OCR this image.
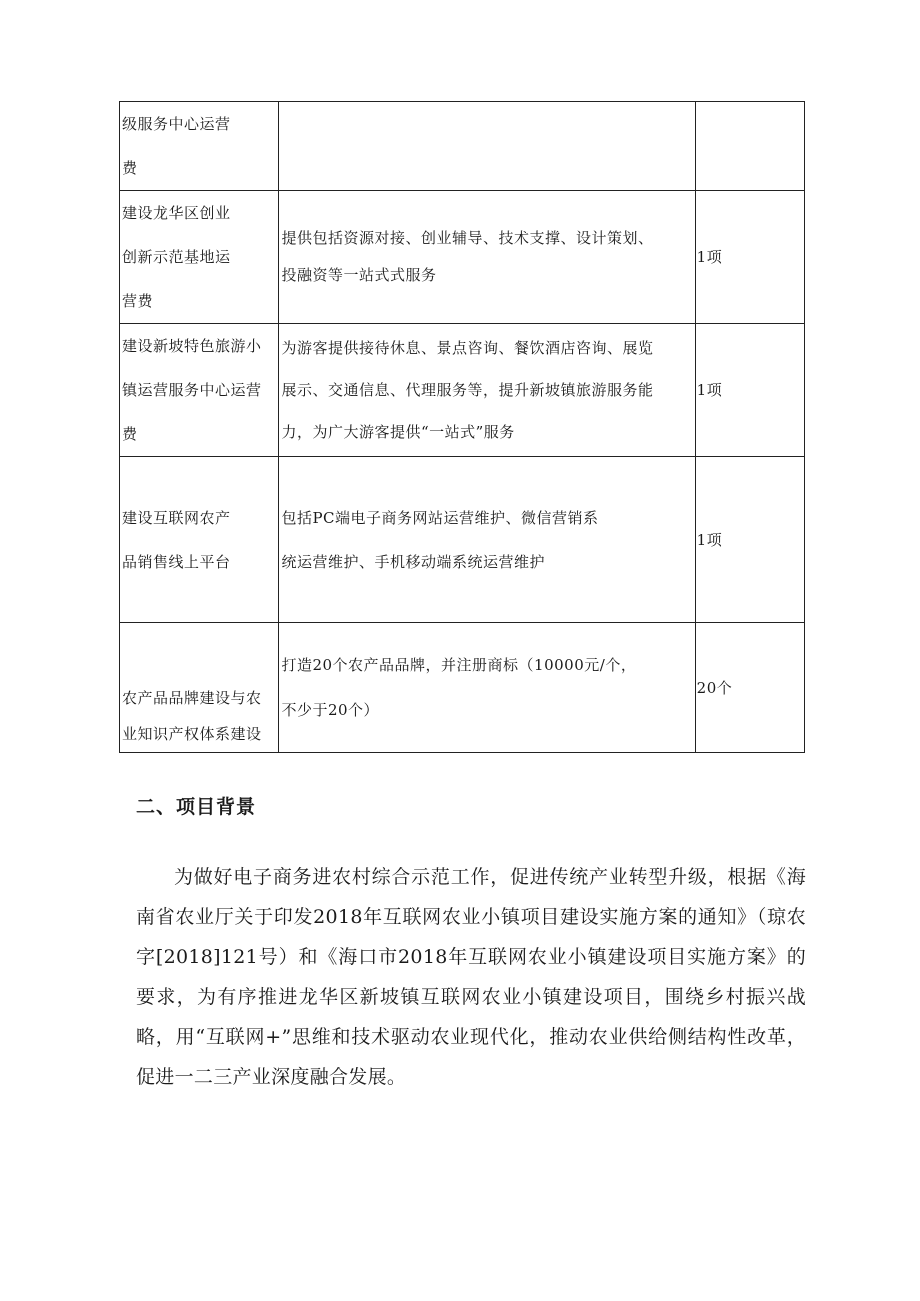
级服务中心运营
费		

建设龙华区创业
创新示范基地运
营费	提供包括资源对接、创业辅导、技术支撑、设计策划、
投融资等一站式式服务	1项

建设新坡特色旅游小
镇运营服务中心运营
费	为游客提供接待休息、景点咨询、餐饮酒店咨询、展览
展示、交通信息、代理服务等，提升新坡镇旅游服务能
力，为广大游客提供“一站式”服务	1项

建设互联网农产
品销售线上平台	包括PC端电子商务网站运营维护、微信营销系
统运营维护、手机移动端系统运营维护	1项

农产品品牌建设与农
业知识产权体系建设	打造20个农产品品牌，并注册商标（10000元/个，
不少于20个）	20个
二、项目背景

为做好电子商务进农村综合示范工作，促进传统产业转型升级，根据《海南省农业厅关于印发2018年互联网农业小镇项目建设实施方案的通知》（琼农字[2018]121号）和《海口市2018年互联网农业小镇建设项目实施方案》的要求，为有序推进龙华区新坡镇互联网农业小镇建设项目，围绕乡村振兴战略，用“互联网+”思维和技术驱动农业现代化，推动农业供给侧结构性改革，促进一二三产业深度融合发展。
